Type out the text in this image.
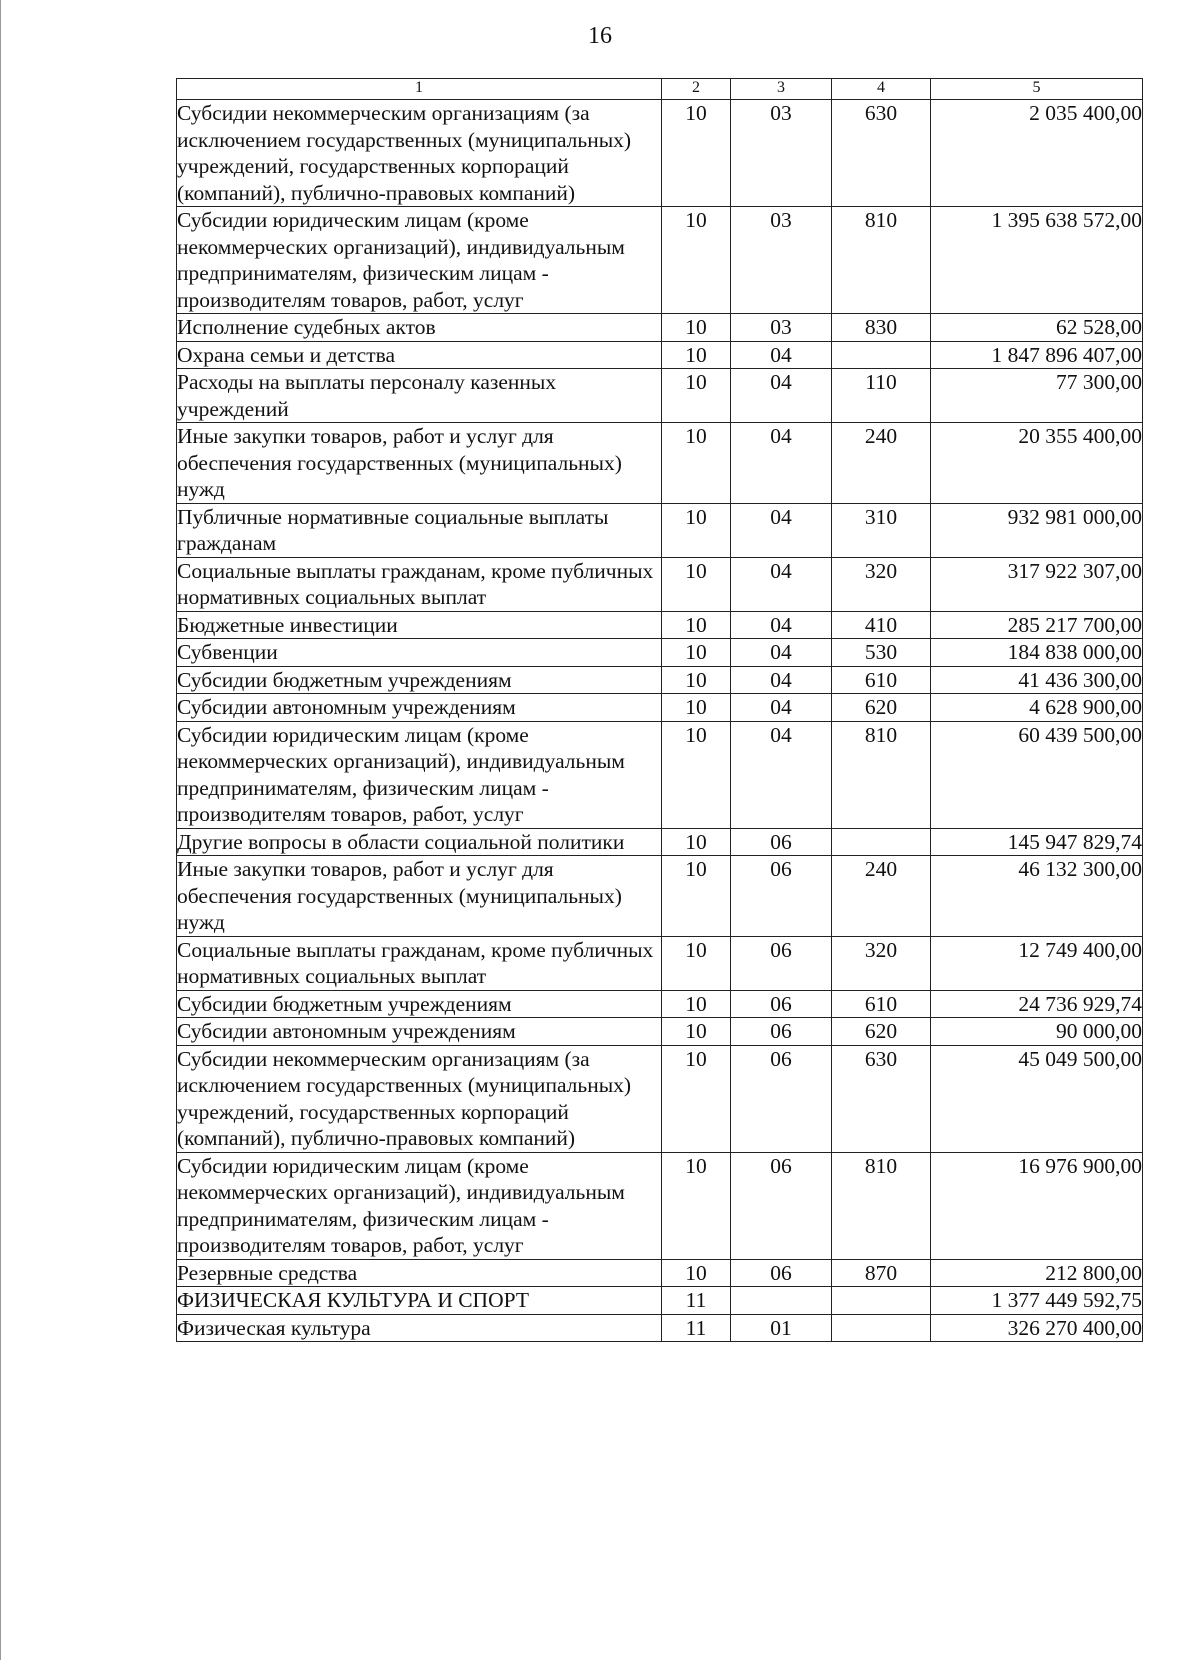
16
1	2	3	4	5
Субсидии некоммерческим организациям (за исключением государственных (муниципальных) учреждений, государственных корпораций (компаний), публично-правовых компаний)	10	03	630	2 035 400,00
Субсидии юридическим лицам (кроме некоммерческих организаций), индивидуальным предпринимателям, физическим лицам - производителям товаров, работ, услуг	10	03	810	1 395 638 572,00
Исполнение судебных актов	10	03	830	62 528,00
Охрана семьи и детства	10	04		1 847 896 407,00
Расходы на выплаты персоналу казенных учреждений	10	04	110	77 300,00
Иные закупки товаров, работ и услуг для обеспечения государственных (муниципальных) нужд	10	04	240	20 355 400,00
Публичные нормативные социальные выплаты гражданам	10	04	310	932 981 000,00
Социальные выплаты гражданам, кроме публичных нормативных социальных выплат	10	04	320	317 922 307,00
Бюджетные инвестиции	10	04	410	285 217 700,00
Субвенции	10	04	530	184 838 000,00
Субсидии бюджетным учреждениям	10	04	610	41 436 300,00
Субсидии автономным учреждениям	10	04	620	4 628 900,00
Субсидии юридическим лицам (кроме некоммерческих организаций), индивидуальным предпринимателям, физическим лицам - производителям товаров, работ, услуг	10	04	810	60 439 500,00
Другие вопросы в области социальной политики	10	06		145 947 829,74
Иные закупки товаров, работ и услуг для обеспечения государственных (муниципальных) нужд	10	06	240	46 132 300,00
Социальные выплаты гражданам, кроме публичных нормативных социальных выплат	10	06	320	12 749 400,00
Субсидии бюджетным учреждениям	10	06	610	24 736 929,74
Субсидии автономным учреждениям	10	06	620	90 000,00
Субсидии некоммерческим организациям (за исключением государственных (муниципальных) учреждений, государственных корпораций (компаний), публично-правовых компаний)	10	06	630	45 049 500,00
Субсидии юридическим лицам (кроме некоммерческих организаций), индивидуальным предпринимателям, физическим лицам - производителям товаров, работ, услуг	10	06	810	16 976 900,00
Резервные средства	10	06	870	212 800,00
ФИЗИЧЕСКАЯ КУЛЬТУРА И СПОРТ	11			1 377 449 592,75
Физическая культура	11	01		326 270 400,00
